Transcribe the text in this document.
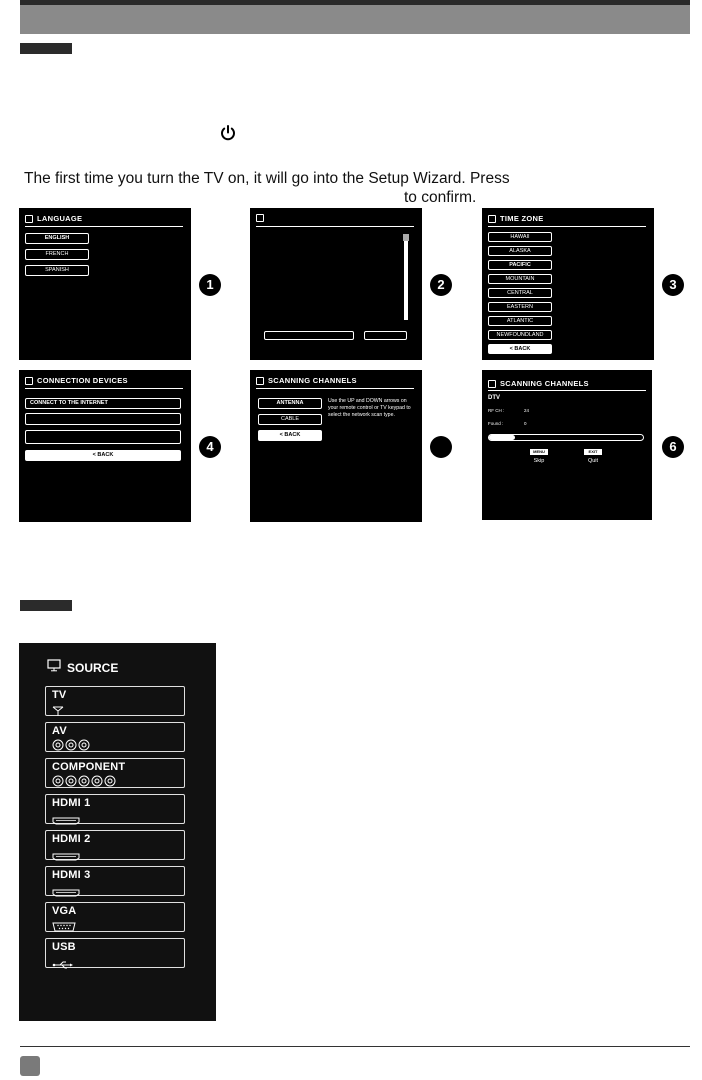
The first time you turn the TV on, it will go into the Setup Wizard. Press
to confirm.
LANGUAGE
ENGLISH
FRENCH
SPANISH
1	2
TIME ZONE
HAWAII
ALASKA
PACIFIC
MOUNTAIN
CENTRAL
EASTERN
ATLANTIC
NEWFOUNDLAND
< BACK
3
CONNECTION DEVICES
CONNECT TO THE INTERNET
< BACK
4
SCANNING CHANNELS
ANTENNA
CABLE
< BACK
Use the UP and DOWN arrows on your remote control or TV keypad to select the network scan type.
SCANNING CHANNELS
DTV
RF CH :	24
Found :	0
MENU
Skip
EXIT
Quit
6
SOURCE
TV
AV
COMPONENT
HDMI 1
HDMI 2
HDMI 3
VGA
USB
